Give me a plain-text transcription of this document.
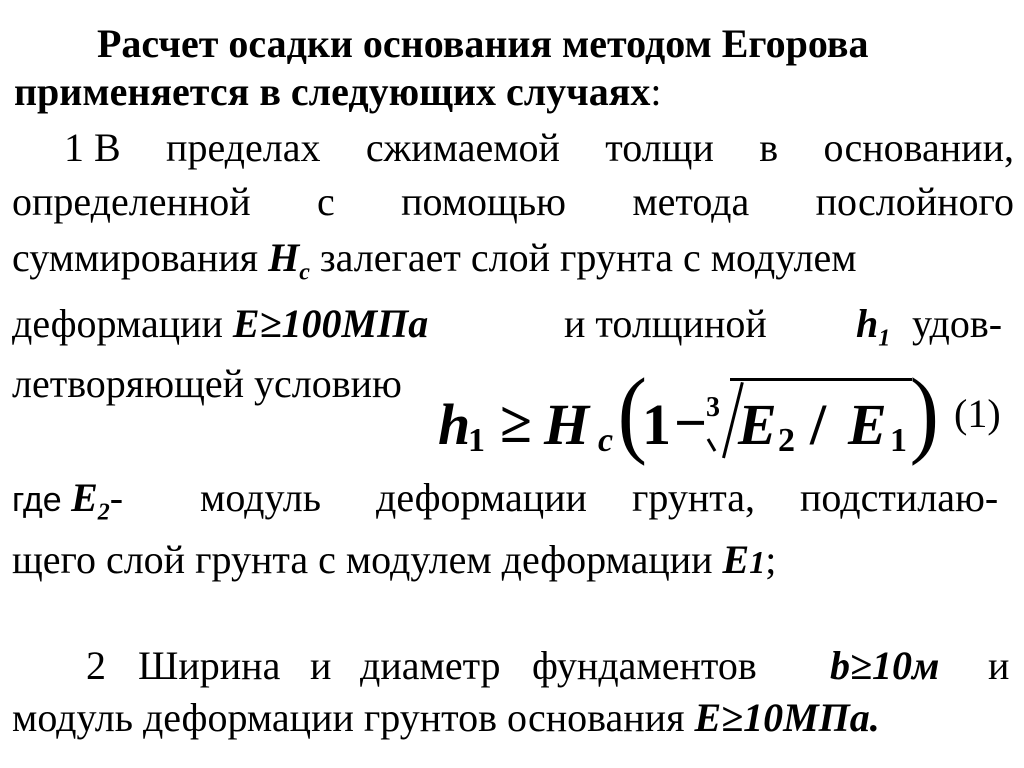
Расчет осадки основания методом Егорова
применяется в следующих случаях:
1 В пределах сжимаемой толщи в основании,
определенной с помощью метода послойного
суммирования $H_c$ залегает слой грунта с модулем
деформации E≥100МПа	и толщиной $h_1$ удов-
летворяющей условию
h
1 ≥ H c (
1 −
3 E 2 / E 1 ) (1)
где $E_2-$ модуль деформации грунта, подстилаю-
щего слой грунта с модулем деформации E1;
2 Ширина и диаметр фундаментов b≥10м и
модуль деформации грунтов основания E≥10МПа.
